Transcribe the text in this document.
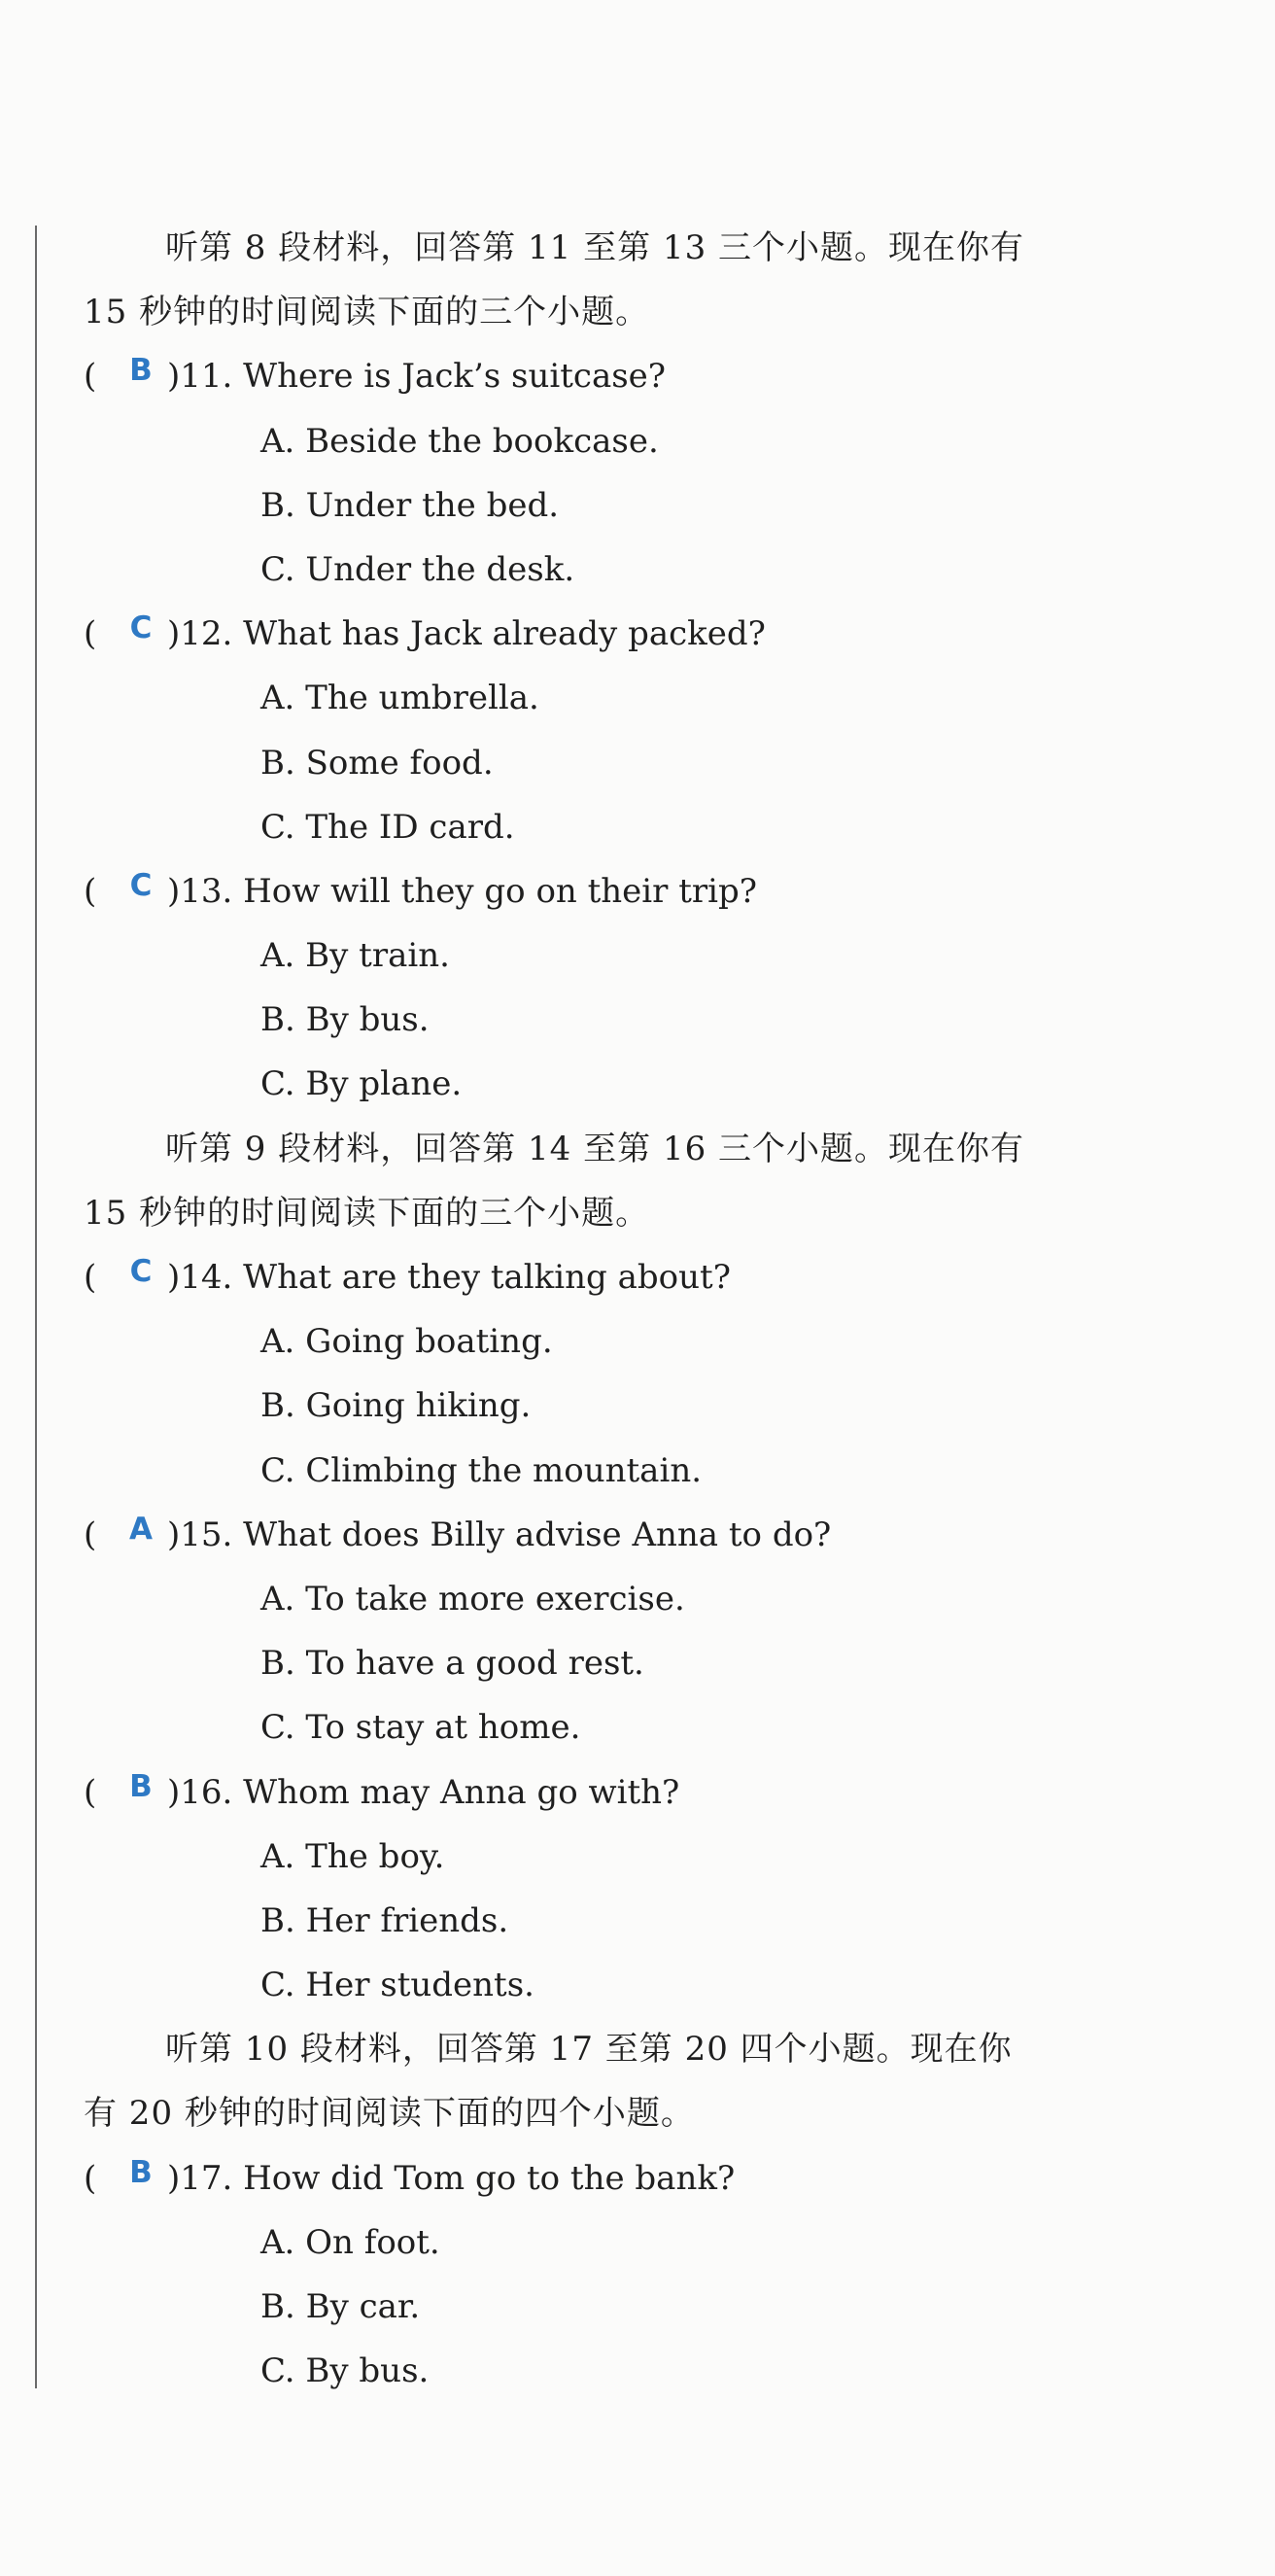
听第 8 段材料，回答第 11 至第 13 三个小题。现在你有
15 秒钟的时间阅读下面的三个小题。
(	B )11. Where is Jack’s suitcase?
A. Beside the bookcase.
B. Under the bed.
C. Under the desk.
(	C )12. What has Jack already packed?
A. The umbrella.
B. Some food.
C. The ID card.
(	C )13. How will they go on their trip?
A. By train.
B. By bus.
C. By plane.
听第 9 段材料，回答第 14 至第 16 三个小题。现在你有
15 秒钟的时间阅读下面的三个小题。
(	C )14. What are they talking about?
A. Going boating.
B. Going hiking.
C. Climbing the mountain.
(	A )15. What does Billy advise Anna to do?
A. To take more exercise.
B. To have a good rest.
C. To stay at home.
(	B )16. Whom may Anna go with?
A. The boy.
B. Her friends.
C. Her students.
听第 10 段材料，回答第 17 至第 20 四个小题。现在你
有 20 秒钟的时间阅读下面的四个小题。
(	B )17. How did Tom go to the bank?
A. On foot.
B. By car.
C. By bus.
